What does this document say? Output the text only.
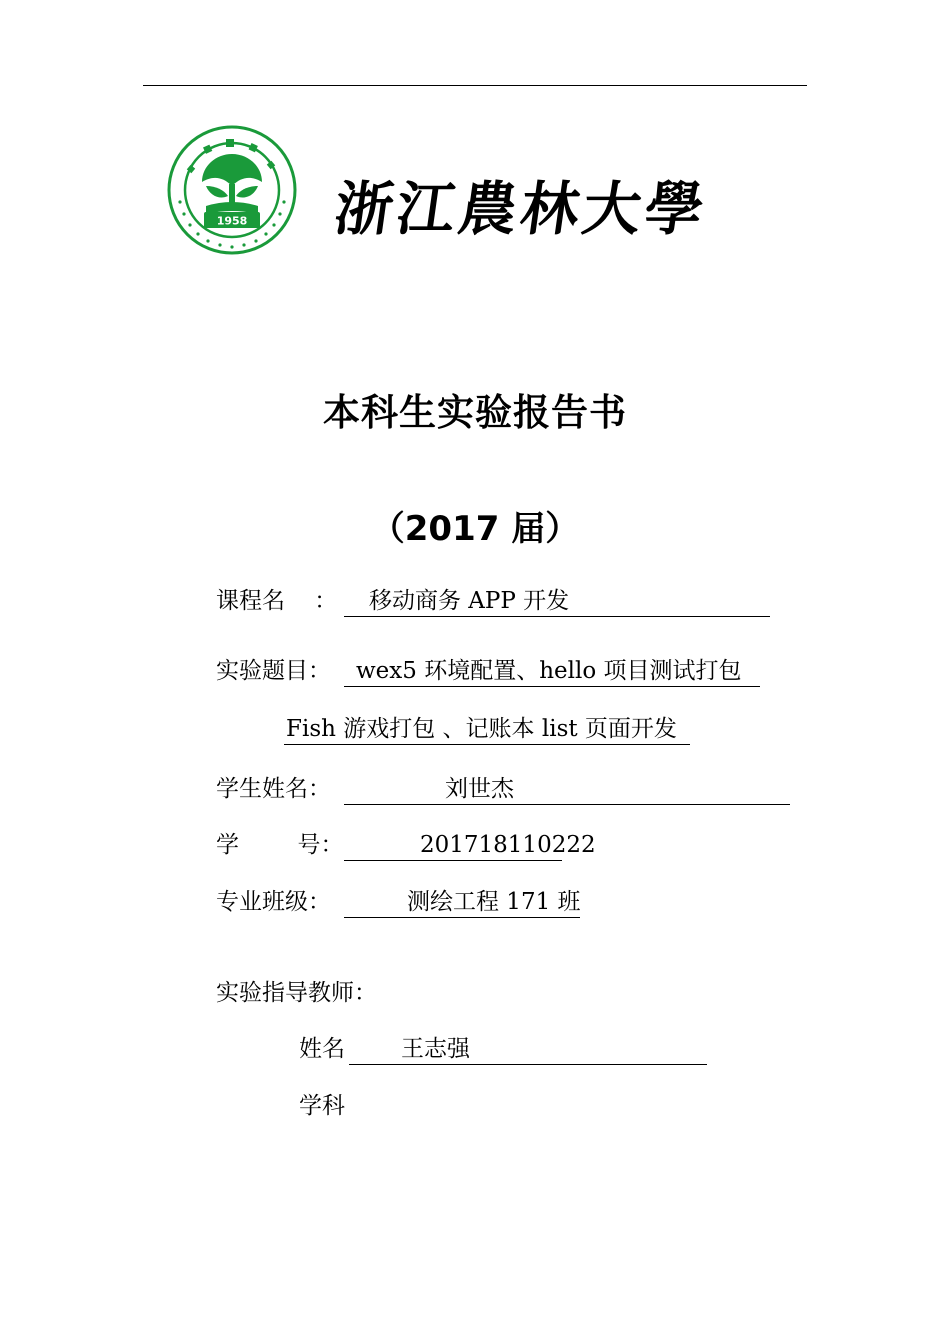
1958 浙江農林大學
本科生实验报告书
（2017 届）
课程名    ： 移动商务 APP 开发
实验题目： wex5 环境配置、hello 项目测试打包
Fish 游戏打包 、记账本 list 页面开发
学生姓名：	刘世杰
学        号：	201718110222
专业班级：	测绘工程 171 班
实验指导教师：
姓名 王志强
学科
